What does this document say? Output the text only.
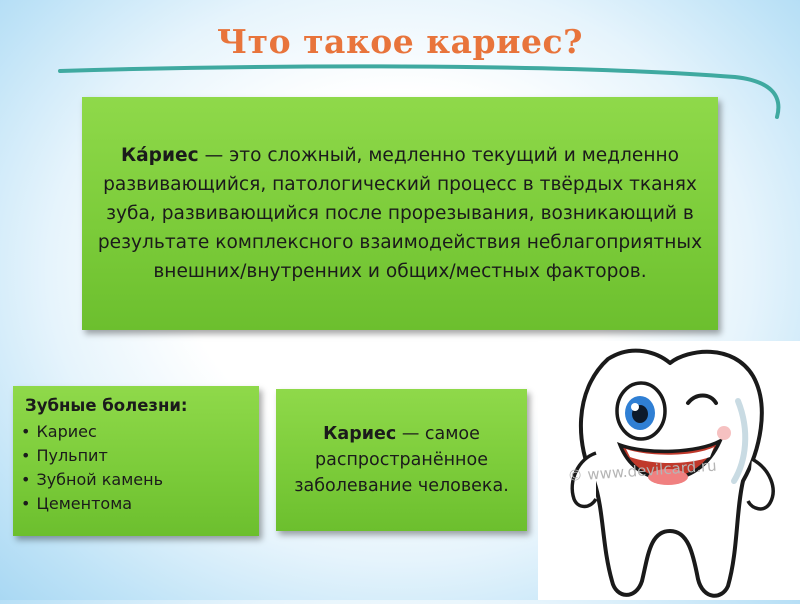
Что такое кариес?
Ка́риес — это сложный, медленно текущий и медленно развивающийся, патологический процесс в твёрдых тканях зуба, развивающийся после прорезывания, возникающий в результате комплексного взаимодействия неблагоприятных внешних/внутренних и общих/местных факторов.
Зубные болезни:
• Кариес
• Пульпит
• Зубной камень
• Цементома
Кариес — самое распространённое заболевание человека.
© www.devilcard.ru
